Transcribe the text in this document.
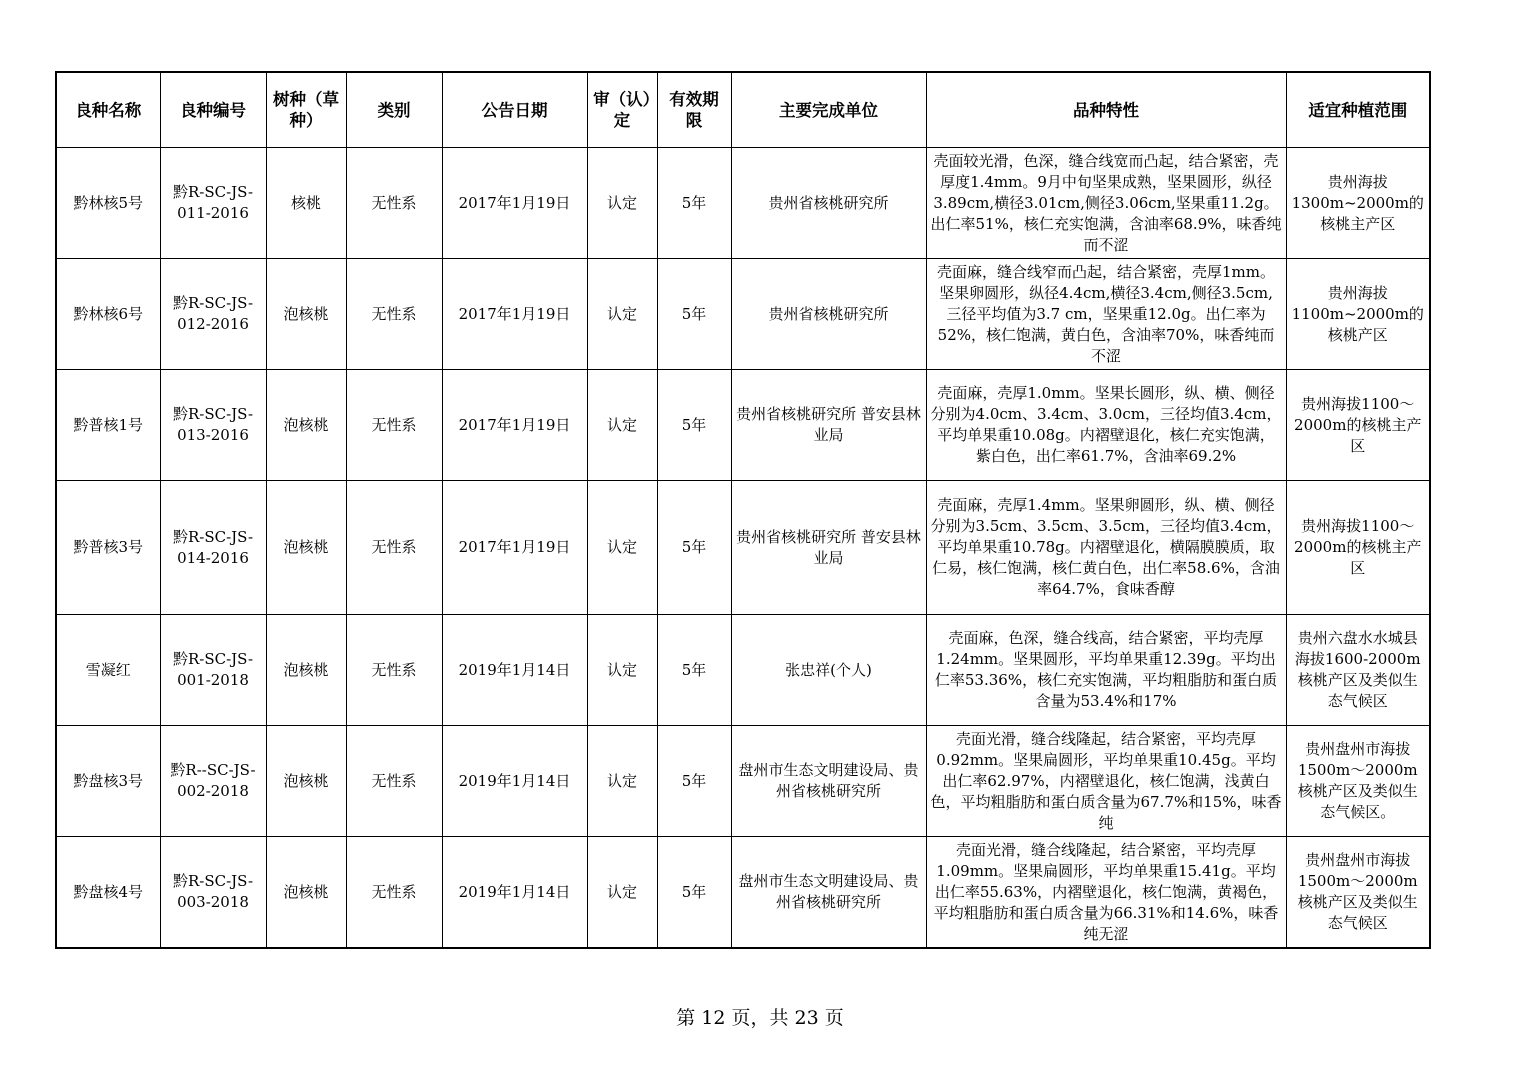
良种名称	良种编号	树种（草种）	类别	公告日期	审（认）定	有效期限	主要完成单位	品种特性	适宜种植范围
黔林核5号	黔R-SC-JS-011-2016	核桃	无性系	2017年1月19日	认定	5年	贵州省核桃研究所	壳面较光滑，色深，缝合线宽而凸起，结合紧密，壳厚度1.4mm。9月中旬坚果成熟，坚果圆形，纵径3.89cm,横径3.01cm,侧径3.06cm,坚果重11.2g。出仁率51%，核仁充实饱满，含油率68.9%，味香纯而不涩	贵州海拔1300m~2000m的核桃主产区
黔林核6号	黔R-SC-JS-012-2016	泡核桃	无性系	2017年1月19日	认定	5年	贵州省核桃研究所	壳面麻，缝合线窄而凸起，结合紧密，壳厚1mm。坚果卵圆形，纵径4.4cm,横径3.4cm,侧径3.5cm, 三径平均值为3.7 cm，坚果重12.0g。出仁率为52%，核仁饱满，黄白色，含油率70%，味香纯而不涩	贵州海拔1100m~2000m的核桃产区
黔普核1号	黔R-SC-JS-013-2016	泡核桃	无性系	2017年1月19日	认定	5年	贵州省核桃研究所 普安县林业局	壳面麻，壳厚1.0mm。坚果长圆形，纵、横、侧径分别为4.0cm、3.4cm、3.0cm，三径均值3.4cm，平均单果重10.08g。内褶壁退化，核仁充实饱满，紫白色，出仁率61.7%，含油率69.2%	贵州海拔1100～2000m的核桃主产区
黔普核3号	黔R-SC-JS-014-2016	泡核桃	无性系	2017年1月19日	认定	5年	贵州省核桃研究所 普安县林业局	壳面麻，壳厚1.4mm。坚果卵圆形，纵、横、侧径分别为3.5cm、3.5cm、3.5cm，三径均值3.4cm，平均单果重10.78g。内褶壁退化，横隔膜膜质，取仁易，核仁饱满，核仁黄白色，出仁率58.6%，含油率64.7%，食味香醇	贵州海拔1100～2000m的核桃主产区
雪凝红	黔R-SC-JS-001-2018	泡核桃	无性系	2019年1月14日	认定	5年	张忠祥(个人)	壳面麻，色深，缝合线高，结合紧密，平均壳厚1.24mm。坚果圆形，平均单果重12.39g。平均出仁率53.36%，核仁充实饱满，平均粗脂肪和蛋白质含量为53.4%和17%	贵州六盘水水城县海拔1600-2000m核桃产区及类似生态气候区
黔盘核3号	黔R--SC-JS-002-2018	泡核桃	无性系	2019年1月14日	认定	5年	盘州市生态文明建设局、贵州省核桃研究所	壳面光滑，缝合线隆起，结合紧密，平均壳厚0.92mm。坚果扁圆形，平均单果重10.45g。平均出仁率62.97%，内褶壁退化，核仁饱满，浅黄白色，平均粗脂肪和蛋白质含量为67.7%和15%，味香纯	贵州盘州市海拔1500m～2000m 核桃产区及类似生态气候区。
黔盘核4号	黔R-SC-JS-003-2018	泡核桃	无性系	2019年1月14日	认定	5年	盘州市生态文明建设局、贵州省核桃研究所	壳面光滑，缝合线隆起，结合紧密，平均壳厚1.09mm。坚果扁圆形，平均单果重15.41g。平均出仁率55.63%，内褶壁退化，核仁饱满，黄褐色，平均粗脂肪和蛋白质含量为66.31%和14.6%，味香纯无涩	贵州盘州市海拔1500m～2000m核桃产区及类似生态气候区
第 12 页，共 23 页
